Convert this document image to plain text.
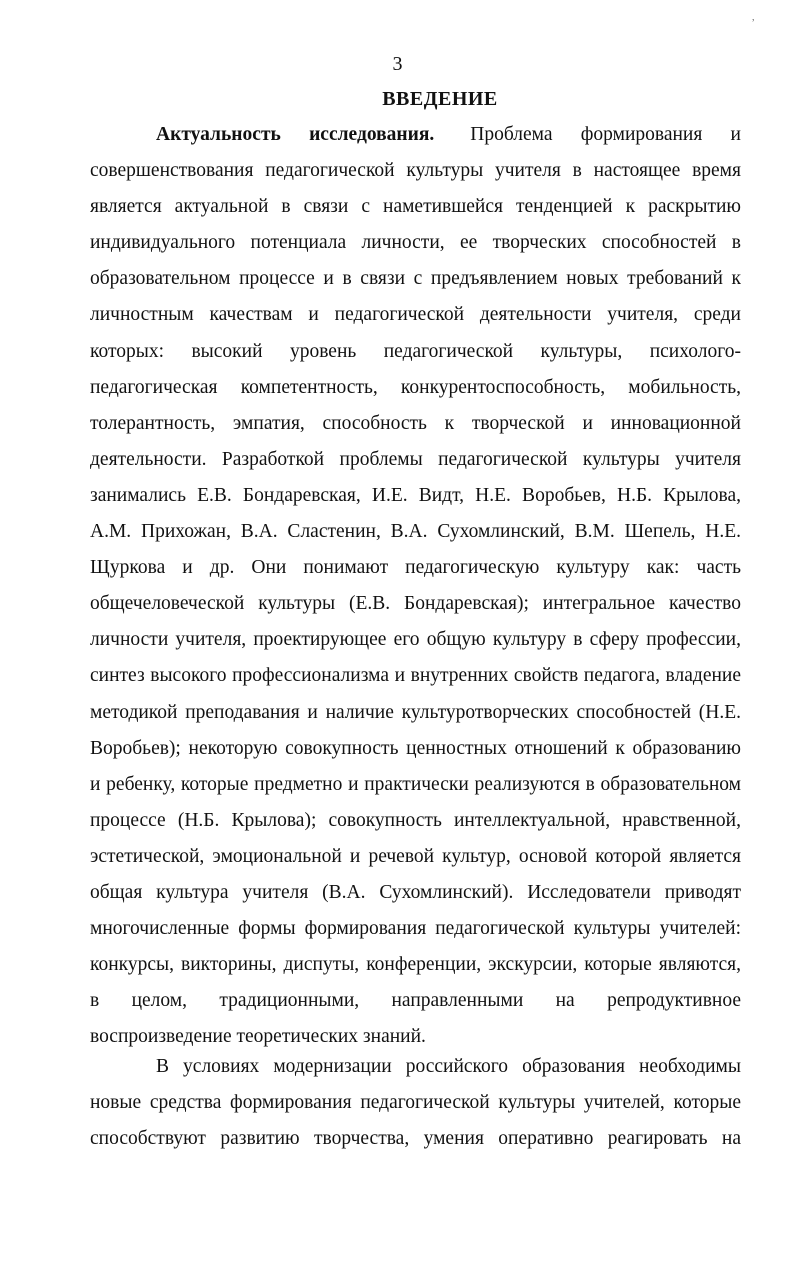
,
3
ВВЕДЕНИЕ
Актуальность исследования. Проблема формирования и
совершенствования педагогической культуры учителя в настоящее время
является актуальной в связи с наметившейся тенденцией к раскрытию
индивидуального потенциала личности, ее творческих способностей в
образовательном процессе и в связи с предъявлением новых требований к
личностным качествам и педагогической деятельности учителя, среди
которых: высокий уровень педагогической культуры, психолого-
педагогическая компетентность, конкурентоспособность, мобильность,
толерантность, эмпатия, способность к творческой и инновационной
деятельности. Разработкой проблемы педагогической культуры учителя
занимались Е.В. Бондаревская, И.Е. Видт, Н.Е. Воробьев, Н.Б. Крылова,
А.М. Прихожан, В.А. Сластенин, В.А. Сухомлинский, В.М. Шепель, Н.Е.
Щуркова и др. Они понимают педагогическую культуру как: часть
общечеловеческой культуры (Е.В. Бондаревская); интегральное качество
личности учителя, проектирующее его общую культуру в сферу профессии,
синтез высокого профессионализма и внутренних свойств педагога, владение
методикой преподавания и наличие культуротворческих способностей (Н.Е.
Воробьев); некоторую совокупность ценностных отношений к образованию
и ребенку, которые предметно и практически реализуются в образовательном
процессе (Н.Б. Крылова); совокупность интеллектуальной, нравственной,
эстетической, эмоциональной и речевой культур, основой которой является
общая культура учителя (В.А. Сухомлинский). Исследователи приводят
многочисленные формы формирования педагогической культуры учителей:
конкурсы, викторины, диспуты, конференции, экскурсии, которые являются,
в целом, традиционными, направленными на репродуктивное
воспроизведение теоретических знаний.
В условиях модернизации российского образования необходимы
новые средства формирования педагогической культуры учителей, которые
способствуют развитию творчества, умения оперативно реагировать на
